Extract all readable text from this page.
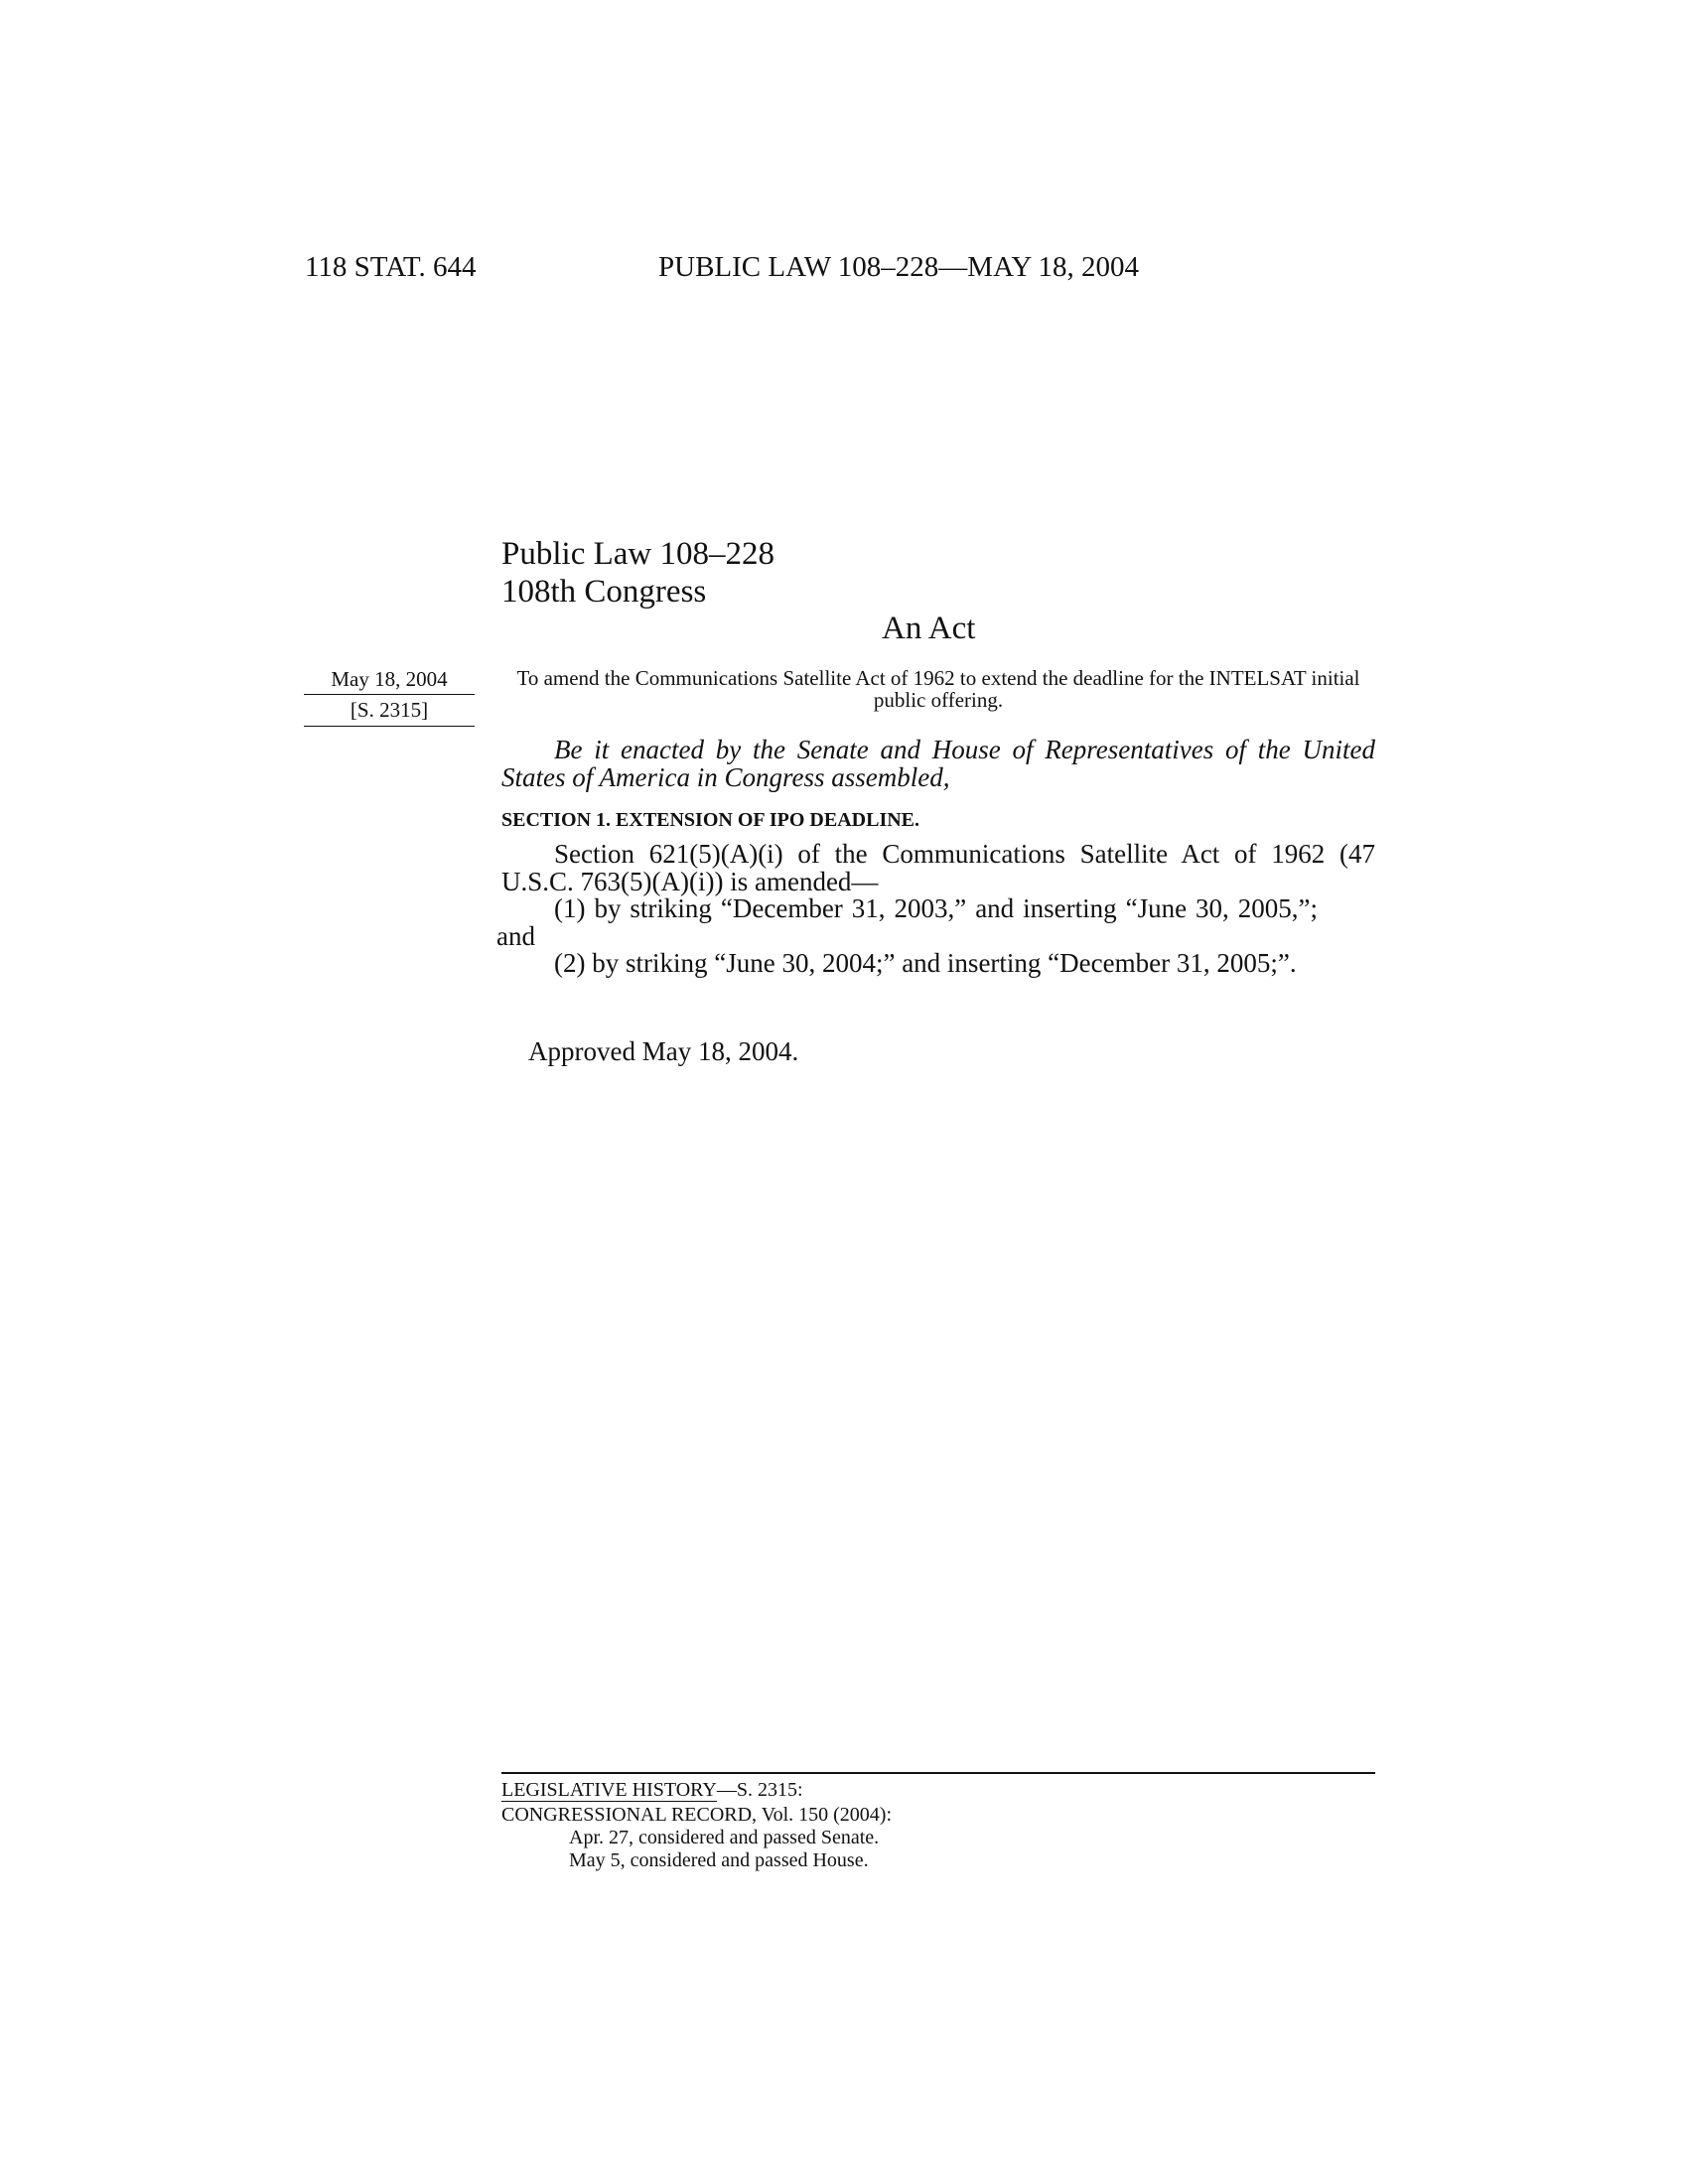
118 STAT. 644	PUBLIC LAW 108–228—MAY 18, 2004
Public Law 108–228
108th Congress
An Act
May 18, 2004
[S. 2315]
To amend the Communications Satellite Act of 1962 to extend the deadline for the INTELSAT initial public offering.
Be it enacted by the Senate and House of Representatives of the United States of America in Congress assembled,
SECTION 1. EXTENSION OF IPO DEADLINE.
Section 621(5)(A)(i) of the Communications Satellite Act of 1962 (47 U.S.C. 763(5)(A)(i)) is amended—
(1) by striking “December 31, 2003,” and inserting “June 30, 2005,”; and
(2) by striking “June 30, 2004;” and inserting “December 31, 2005;”.
Approved May 18, 2004.
LEGISLATIVE HISTORY—S. 2315:
CONGRESSIONAL RECORD, Vol. 150 (2004):
Apr. 27, considered and passed Senate.
May 5, considered and passed House.
